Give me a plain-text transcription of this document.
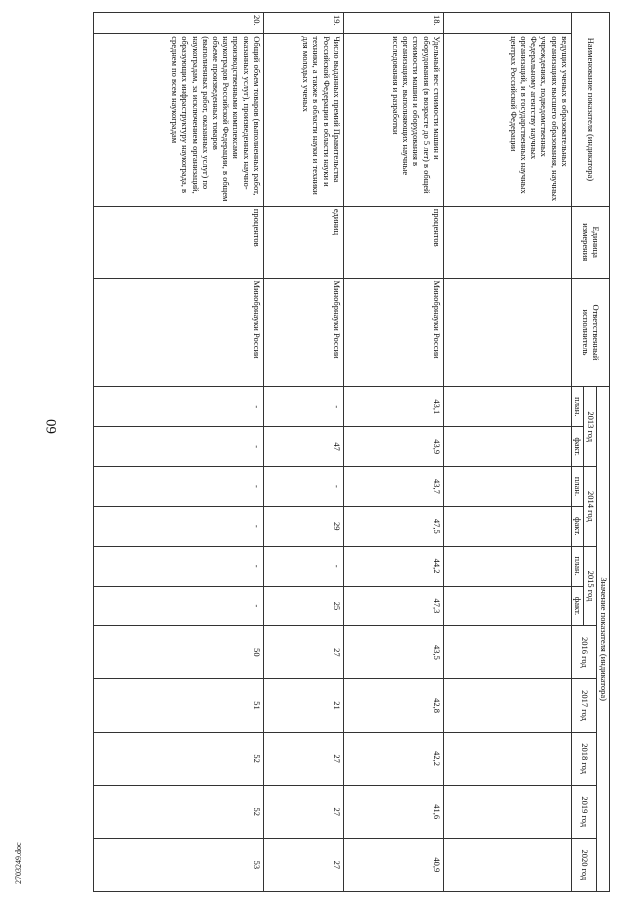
60
2703249.doc
Наименование показателя (индикатора)		Единица измерения	Ответственный исполнитель	Значение показателя (индикатора)										
				2013 год		2014 год		2015 год		2016 год	2017 год	2018 год	2019 год	2020 год
				план.	факт.	план.	факт.	план.	факт.					
	ведущих ученых в образовательных организациях высшего образования, научных учреждениях, подведомственных Федеральному агентству научных организаций, и в государственных научных центрах Российской Федерации													
18.	Удельный вес стоимости машин и оборудования (в возрасте до 5 лет) в общей стоимости машин и оборудования в организациях, выполняющих научные исследования и разработки	процентов	Минобрнауки России	43,1	43,9	43,7	47,5	44,2	47,3	43,5	42,8	42,2	41,6	40,9
19.	Число выданных премий Правительства Российской Федерации в области науки и техники, а также в области науки и техники для молодых ученых	единиц	Минобрнауки России	-	47	-	29	-	25	27	21	27	27	27
20.	Общий объем товаров (выполненных работ, оказанных услуг), произведенных научно-производственными комплексами наукоградов Российской Федерации, в общем объеме произведенных товаров (выполненных работ, оказанных услуг) по наукоградам, за исключением организаций, образующих инфраструктуру наукограда, в среднем по всем наукоградам	процентов	Минобрнауки России	-	-	-	-	-	-	50	51	52	52	53
